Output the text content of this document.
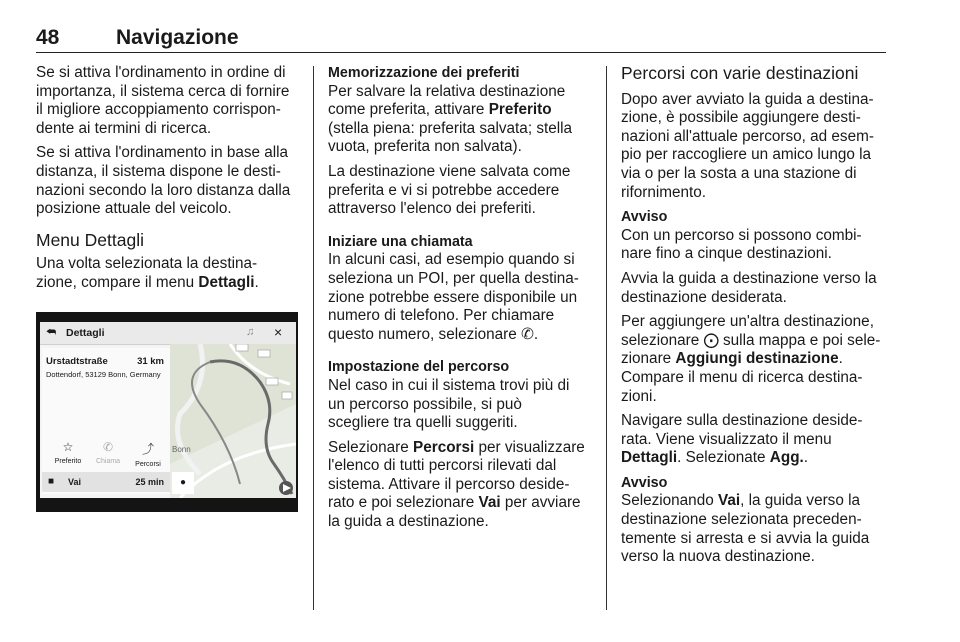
48	Navigazione

Se si attiva l'ordinamento in ordine di
importanza, il sistema cerca di fornire
il migliore accoppiamento corrispon-
dente ai termini di ricerca.

Se si attiva l'ordinamento in base alla
distanza, il sistema dispone le desti-
nazioni secondo la loro distanza dalla
posizione attuale del veicolo.

Menu Dettagli

Una volta selezionata la destina-
zione, compare il menu Dettagli.

⮪ Dettagli	♫ ×
Urstadtstraße	31 km
Dottendorf, 53129 Bonn, Germany
☆
Preferito
✆
Chiama
⤴
Percorsi
■ Vai	25 min
Bonn
●
Memorizzazione dei preferiti

Per salvare la relativa destinazione
come preferita, attivare Preferito
(stella piena: preferita salvata; stella
vuota, preferita non salvata).

La destinazione viene salvata come
preferita e vi si potrebbe accedere
attraverso l'elenco dei preferiti.

Iniziare una chiamata

In alcuni casi, ad esempio quando si
seleziona un POI, per quella destina-
zione potrebbe essere disponibile un
numero di telefono. Per chiamare
questo numero, selezionare ✆.

Impostazione del percorso

Nel caso in cui il sistema trovi più di
un percorso possibile, si può
scegliere tra quelli suggeriti.

Selezionare Percorsi per visualizzare
l'elenco di tutti percorsi rilevati dal
sistema. Attivare il percorso deside-
rato e poi selezionare Vai per avviare
la guida a destinazione.

Percorsi con varie destinazioni

Dopo aver avviato la guida a destina-
zione, è possibile aggiungere desti-
nazioni all'attuale percorso, ad esem-
pio per raccogliere un amico lungo la
via o per la sosta a una stazione di
rifornimento.

Avviso
Con un percorso si possono combi-
nare fino a cinque destinazioni.

Avvia la guida a destinazione verso la
destinazione desiderata.

Per aggiungere un'altra destinazione,
selezionare ⨀ sulla mappa e poi sele-
zionare Aggiungi destinazione.
Compare il menu di ricerca destina-
zioni.

Navigare sulla destinazione deside-
rata. Viene visualizzato il menu
Dettagli. Selezionate Agg..

Avviso
Selezionando Vai, la guida verso la
destinazione selezionata preceden-
temente si arresta e si avvia la guida
verso la nuova destinazione.
